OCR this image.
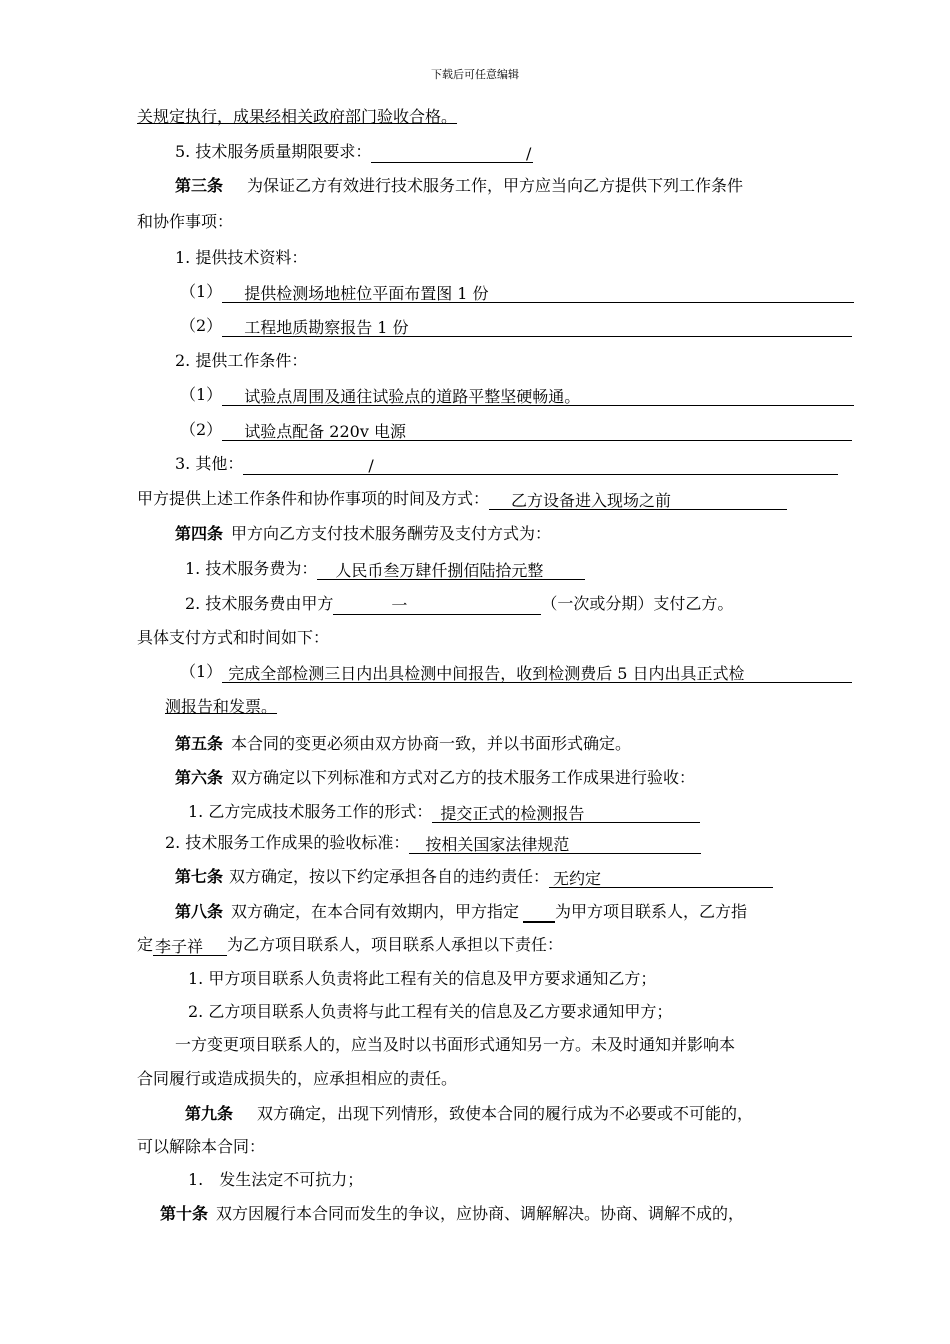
下载后可任意编辑
关规定执行，成果经相关政府部门验收合格。
5. 技术服务质量期限要求：	/
第三条 为保证乙方有效进行技术服务工作，甲方应当向乙方提供下列工作条件
和协作事项：
1. 提供技术资料：
（1） 提供检测场地桩位平面布置图 1 份
（2） 工程地质勘察报告 1 份
2. 提供工作条件：
（1） 试验点周围及通往试验点的道路平整坚硬畅通。
（2） 试验点配备 220v 电源
3. 其他：	/
甲方提供上述工作条件和协作事项的时间及方式： 乙方设备进入现场之前
第四条 甲方向乙方支付技术服务酬劳及支付方式为：
1. 技术服务费为： 人民币叁万肆仟捌佰陆拾元整
2. 技术服务费由甲方	一	（一次或分期）支付乙方。
具体支付方式和时间如下：
（1） 完成全部检测三日内出具检测中间报告，收到检测费后 5 日内出具正式检
测报告和发票。
第五条 本合同的变更必须由双方协商一致，并以书面形式确定。
第六条 双方确定以下列标准和方式对乙方的技术服务工作成果进行验收：
1. 乙方完成技术服务工作的形式： 提交正式的检测报告
2. 技术服务工作成果的验收标准： 按相关国家法律规范
第七条 双方确定，按以下约定承担各自的违约责任： 无约定
第八条 双方确定，在本合同有效期内，甲方指定 为甲方项目联系人，乙方指
定 李子祥 为乙方项目联系人，项目联系人承担以下责任：
1. 甲方项目联系人负责将此工程有关的信息及甲方要求通知乙方；
2. 乙方项目联系人负责将与此工程有关的信息及乙方要求通知甲方；
一方变更项目联系人的，应当及时以书面形式通知另一方。未及时通知并影响本
合同履行或造成损失的，应承担相应的责任。
第九条 双方确定，出现下列情形，致使本合同的履行成为不必要或不可能的，
可以解除本合同：
1.　发生法定不可抗力；
第十条 双方因履行本合同而发生的争议，应协商、调解解决。协商、调解不成的，
